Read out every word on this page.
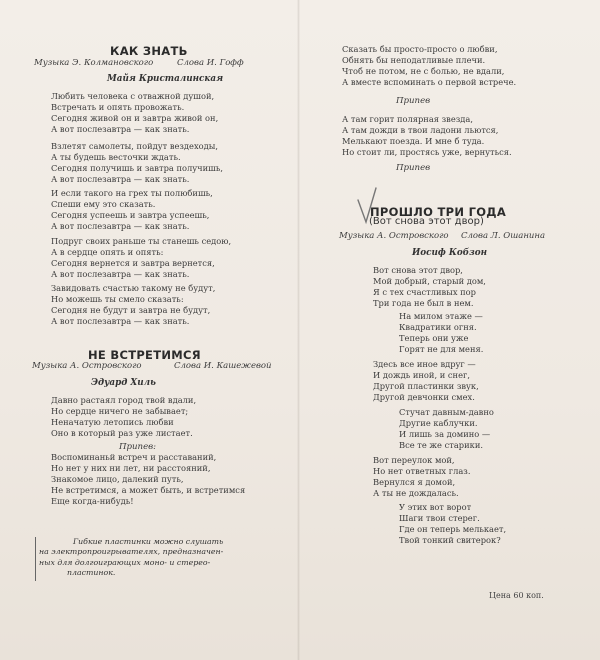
КАК ЗНАТЬ
Музыка Э. Колмановского	Слова И. Гофф
Майя Кристалинская
Любить человека с отважной душой,
Встречать и опять провожать.
Сегодня живой он и завтра живой он,
А вот послезавтра — как знать.
Взлетят самолеты, пойдут вездеходы,
А ты будешь весточки ждать.
Сегодня получишь и завтра получишь,
А вот послезавтра — как знать.
И если такого на грех ты полюбишь,
Спеши ему это сказать.
Сегодня успеешь и завтра успеешь,
А вот послезавтра — как знать.
Подруг своих раньше ты станешь седою,
А в сердце опять и опять:
Сегодня вернется и завтра вернется,
А вот послезавтра — как знать.
Завидовать счастью такому не будут,
Но можешь ты смело сказать:
Сегодня не будут и завтра не будут,
А вот послезавтра — как знать.
НЕ ВСТРЕТИМСЯ
Музыка А. Островского	Слова И. Кашежевой
Эдуард Хиль
Давно растаял город твой вдали,
Но сердце ничего не забывает;
Неначатую летопись любви
Оно в который раз уже листает.
Припев:
Воспоминаньй встреч и расставаний,
Но нет у них ни лет, ни расстояний,
Знакомое лицо, далекий путь,
Не встретимся, а может быть, и встретимся
Еще когда-нибудь!
Гибкие пластинки можно слушать
на электропроигрывателях, предназначен-
ных для долгоиграющих моно- и стерео-
пластинок.
Сказать бы просто-просто о любви,
Обнять бы неподатливые плечи.
Чтоб не потом, не с болью, не вдали,
А вместе вспоминать о первой встрече.
Припев
А там горит полярная звезда,
А там дожди в твои ладони льются,
Мелькают поезда. И мне б туда.
Но стоит ли, простясь уже, вернуться.
Припев
ПРОШЛО ТРИ ГОДА
(Вот снова этот двор)
Музыка А. Островского Слова Л. Ошанина
Иосиф Кобзон
Вот снова этот двор,
Мой добрый, старый дом,
Я с тех счастливых пор
Три года не был в нем.
На милом этаже —
Квадратики огня.
Теперь они уже
Горят не для меня.
Здесь все иное вдруг —
И дождь иной, и снег,
Другой пластинки звук,
Другой девчонки смех.
Стучат давным-давно
Другие каблучки.
И лишь за домино —
Все те же старики.
Вот переулок мой,
Но нет ответных глаз.
Вернулся я домой,
А ты не дождалась.
У этих вот ворот
Шаги твои стерег.
Где он теперь мелькает,
Твой тонкий свитерок?
Цена 60 коп.
